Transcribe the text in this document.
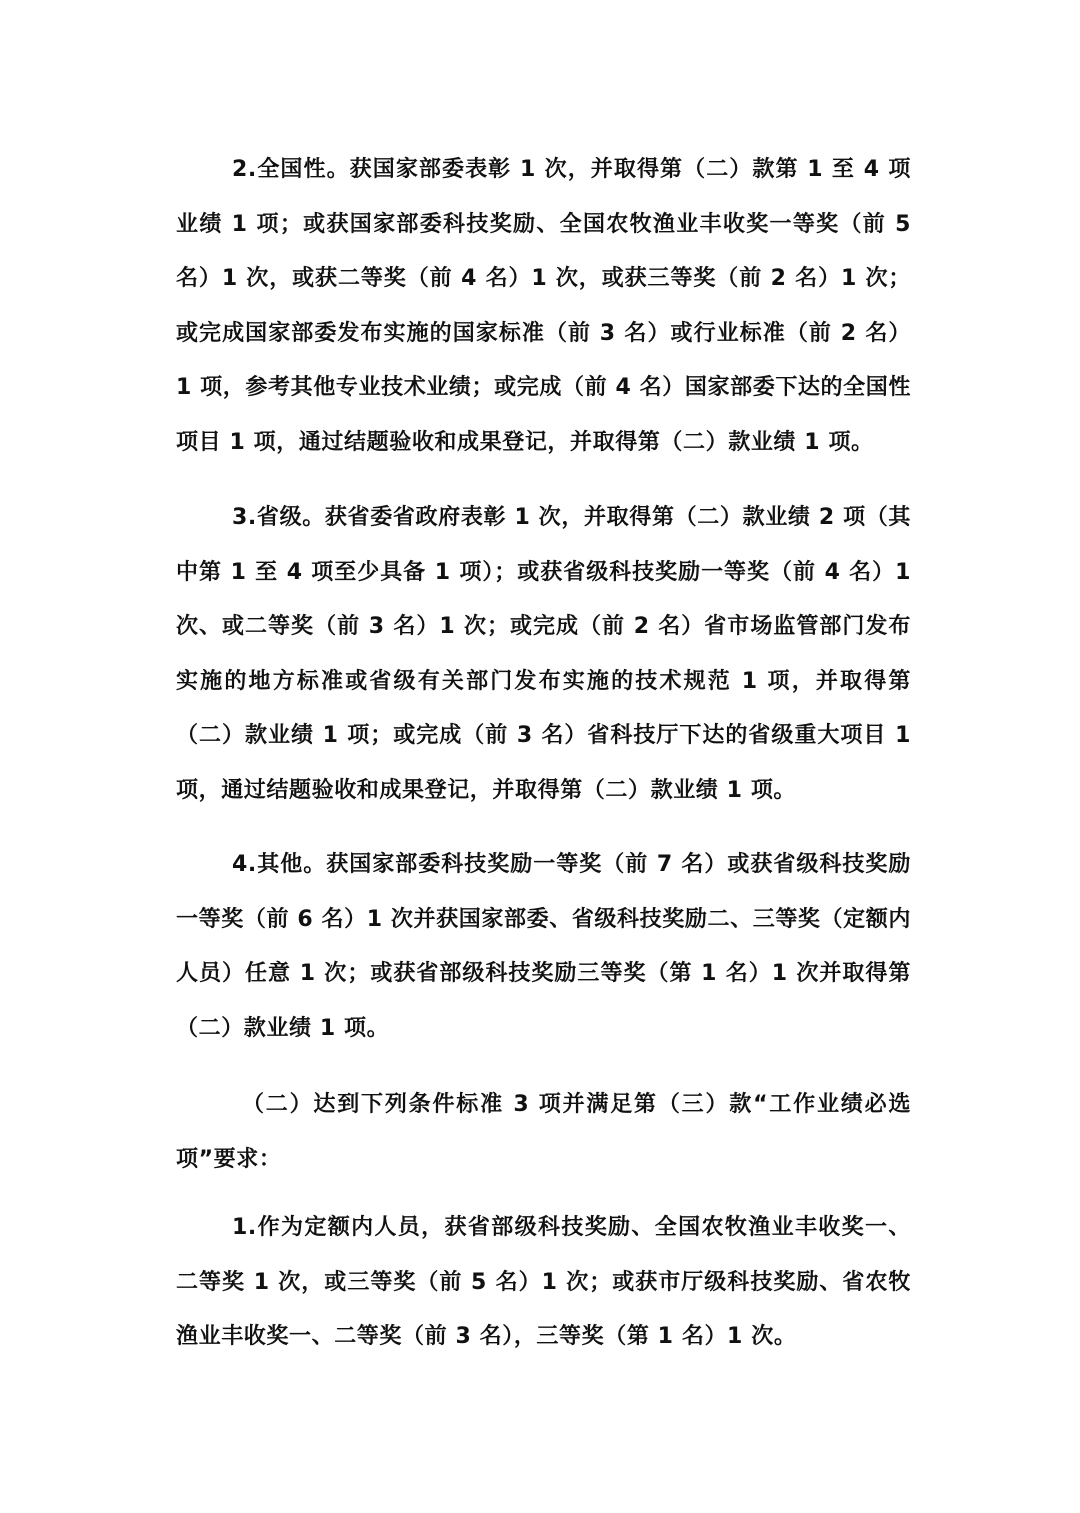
2.全国性。获国家部委表彰 1 次，并取得第（二）款第 1 至 4 项业绩 1 项；或获国家部委科技奖励、全国农牧渔业丰收奖一等奖（前 5 名）1 次，或获二等奖（前 4 名）1 次，或获三等奖（前 2 名）1 次；或完成国家部委发布实施的国家标准（前 3 名）或行业标准（前 2 名）1 项，参考其他专业技术业绩；或完成（前 4 名）国家部委下达的全国性项目 1 项，通过结题验收和成果登记，并取得第（二）款业绩 1 项。

3.省级。获省委省政府表彰 1 次，并取得第（二）款业绩 2 项（其中第 1 至 4 项至少具备 1 项）；或获省级科技奖励一等奖（前 4 名）1 次、或二等奖（前 3 名）1 次；或完成（前 2 名）省市场监管部门发布实施的地方标准或省级有关部门发布实施的技术规范 1 项，并取得第（二）款业绩 1 项；或完成（前 3 名）省科技厅下达的省级重大项目 1 项，通过结题验收和成果登记，并取得第（二）款业绩 1 项。

4.其他。获国家部委科技奖励一等奖（前 7 名）或获省级科技奖励一等奖（前 6 名）1 次并获国家部委、省级科技奖励二、三等奖（定额内人员）任意 1 次；或获省部级科技奖励三等奖（第 1 名）1 次并取得第（二）款业绩 1 项。

（二）达到下列条件标准 3 项并满足第（三）款“工作业绩必选项”要求：

1.作为定额内人员，获省部级科技奖励、全国农牧渔业丰收奖一、二等奖 1 次，或三等奖（前 5 名）1 次；或获市厅级科技奖励、省农牧渔业丰收奖一、二等奖（前 3 名），三等奖（第 1 名）1 次。
